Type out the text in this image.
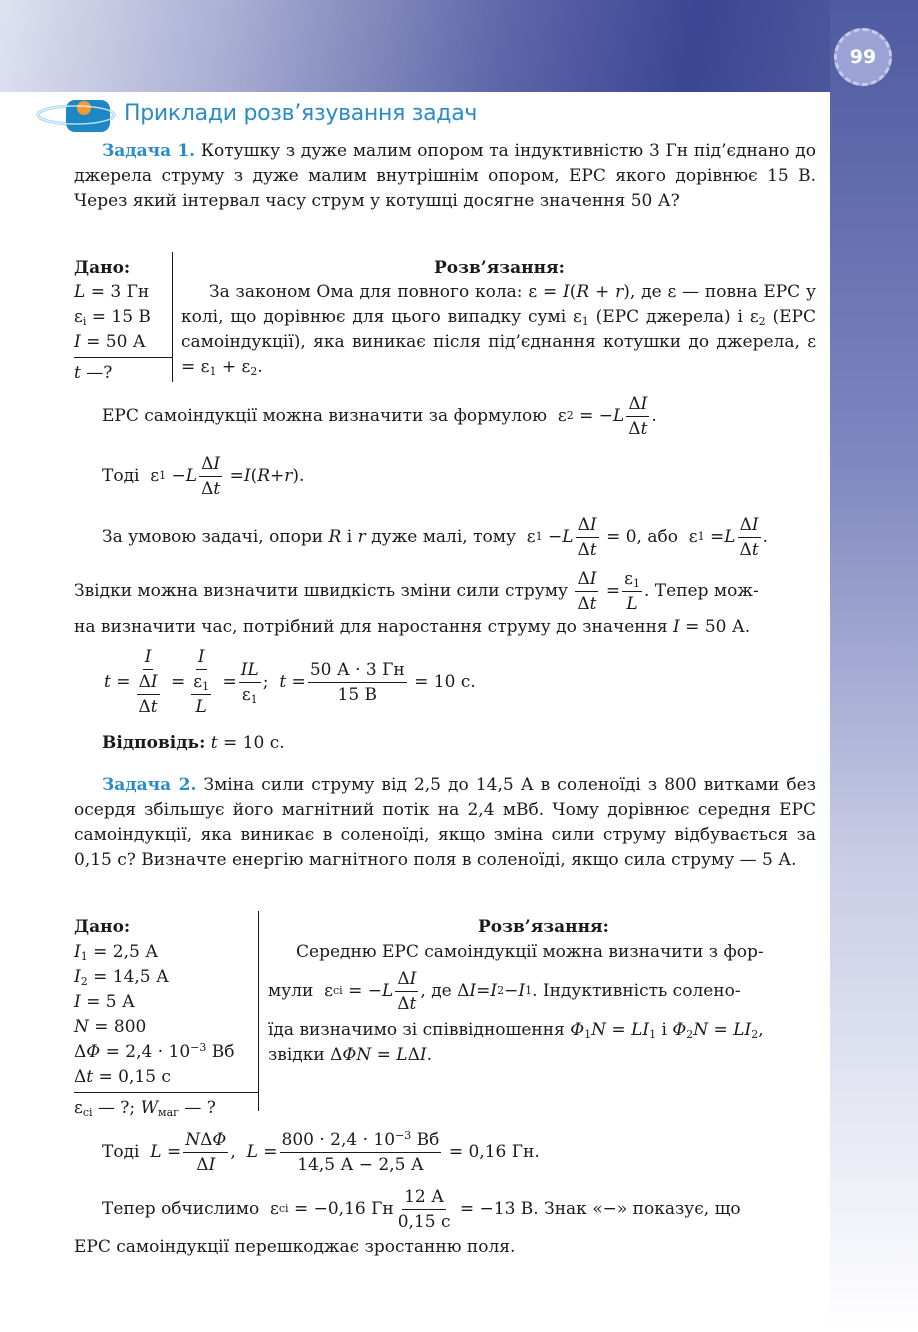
99
Приклади розв’язування задач
Задача 1. Котушку з дуже малим опором та індуктивністю 3 Гн під’єднано до джерела струму з дуже малим внутрішнім опором, ЕРС якого дорівнює 15 В. Через який інтервал часу струм у котушці досягне значення 50 А?
Дано:
L = 3 Гн
$\varepsilon_і = 15$ В
I = 50 А
t —?
Розв’язання:
За законом Ома для повного кола: ε = I(R + r), де ε — повна ЕРС у колі, що дорівнює для цього випадку сумі $\varepsilon_1$ (ЕРС джерела) і $\varepsilon_2$ (ЕРС самоіндукції), яка виникає після під’єднання котушки до джерела, $\varepsilon = \varepsilon_1 + \varepsilon_2$.
ЕРС самоіндукції можна визначити за формулою ε 2 = − L $\frac{\Delta I}{\Delta t}$ .
Тоді ε 1 − L $\frac{\Delta I}{\Delta t} = I$ ( R + r ).
За умовою задачі, опори
R і r
дуже малі, тому ε 1 − L $\frac{\Delta I}{\Delta t} = 0$ , або ε 1 = L $\frac{\Delta I}{\Delta t}$ .
Звідки можна визначити швидкість зміни сили струму
$\frac{\Delta I}{\Delta t} = \frac{\varepsilon_1}{L}$ . Тепер мож-
на визначити час, потрібний для наростання струму до значення I = 50 А.
$t = \frac{I}{\frac{\Delta I}{\Delta t}} = \frac{I}{\frac{\varepsilon_1}{L}} = \frac{IL}{\varepsilon_1}$ ; $t = \frac{50 А \cdot 3 Гн}{15 В}$
= 10 с.
Відповідь: t = 10 с.
Задача 2. Зміна сили струму від 2,5 до 14,5 А в соленоїді з 800 витками без осердя збільшує його магнітний потік на 2,4 мВб. Чому дорівнює середня ЕРС самоіндукції, яка виникає в соленоїді, якщо зміна сили струму відбувається за 0,15 с? Визначте енергію магнітного поля в соленоїді, якщо сила струму — 5 А.
Дано:
$I_1 = 2,5$ А
$I_2 = 14,5$ А
I = 5 А
N = 800
$\Delta\Phi = 2,4 \cdot 10^{-3}$ Вб
Δt = 0,15 с
$\varepsilon_{сі}$ — ?; $W_{маг}$ — ?
Розв’язання:
Середню ЕРС самоіндукції можна визначити з фор-
мули ε сі = − L $\frac{\Delta I}{\Delta t}$ , де Δ I = I 2 − I 1 . Індуктивність солено-
їда визначимо зі співвідношення $\Phi_1N = LI_1$ і $\Phi_2N = LI_2$,
звідки ΔΦN = LΔI.
Тоді
$L = \frac{\text{NΔΦ}}{\Delta I}$ , $L = \frac{800 \cdot 2,4 \cdot 10^{-3} Вб}{14,5 А - 2,5 А}$
= 0,16 Гн.
Тепер обчислимо ε сі = −0,16 Гн $\frac{12 А}{0,15 с}$
= −13 В. Знак «−» показує, що
ЕРС самоіндукції перешкоджає зростанню поля.
